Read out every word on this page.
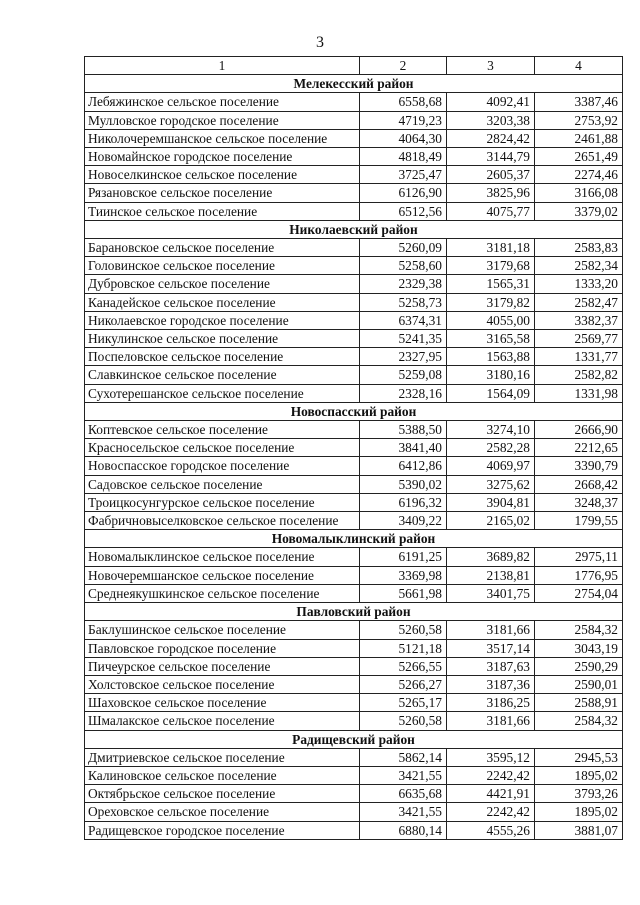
3
1	2	3	4
Мелекесский район			
Лебяжинское сельское поселение	6558,68	4092,41	3387,46
Мулловское городское поселение	4719,23	3203,38	2753,92
Николочеремшанское сельское поселение	4064,30	2824,42	2461,88
Новомайнское городское поселение	4818,49	3144,79	2651,49
Новоселкинское сельское поселение	3725,47	2605,37	2274,46
Рязановское сельское поселение	6126,90	3825,96	3166,08
Тиинское сельское поселение	6512,56	4075,77	3379,02
Николаевский район			
Барановское сельское поселение	5260,09	3181,18	2583,83
Головинское сельское поселение	5258,60	3179,68	2582,34
Дубровское сельское поселение	2329,38	1565,31	1333,20
Канадейское сельское поселение	5258,73	3179,82	2582,47
Николаевское городское поселение	6374,31	4055,00	3382,37
Никулинское сельское поселение	5241,35	3165,58	2569,77
Поспеловское сельское поселение	2327,95	1563,88	1331,77
Славкинское сельское поселение	5259,08	3180,16	2582,82
Сухотерешанское сельское поселение	2328,16	1564,09	1331,98
Новоспасский район			
Коптевское сельское поселение	5388,50	3274,10	2666,90
Красносельское сельское поселение	3841,40	2582,28	2212,65
Новоспасское городское поселение	6412,86	4069,97	3390,79
Садовское сельское поселение	5390,02	3275,62	2668,42
Троицкосунгурское сельское поселение	6196,32	3904,81	3248,37
Фабричновыселковское сельское поселение	3409,22	2165,02	1799,55
Новомалыклинский район			
Новомалыклинское сельское поселение	6191,25	3689,82	2975,11
Новочеремшанское сельское поселение	3369,98	2138,81	1776,95
Среднеякушкинское сельское поселение	5661,98	3401,75	2754,04
Павловский район			
Баклушинское сельское поселение	5260,58	3181,66	2584,32
Павловское городское поселение	5121,18	3517,14	3043,19
Пичеурское сельское поселение	5266,55	3187,63	2590,29
Холстовское сельское поселение	5266,27	3187,36	2590,01
Шаховское сельское поселение	5265,17	3186,25	2588,91
Шмалакское сельское поселение	5260,58	3181,66	2584,32
Радищевский район			
Дмитриевское сельское поселение	5862,14	3595,12	2945,53
Калиновское сельское поселение	3421,55	2242,42	1895,02
Октябрьское сельское поселение	6635,68	4421,91	3793,26
Ореховское сельское поселение	3421,55	2242,42	1895,02
Радищевское городское поселение	6880,14	4555,26	3881,07
